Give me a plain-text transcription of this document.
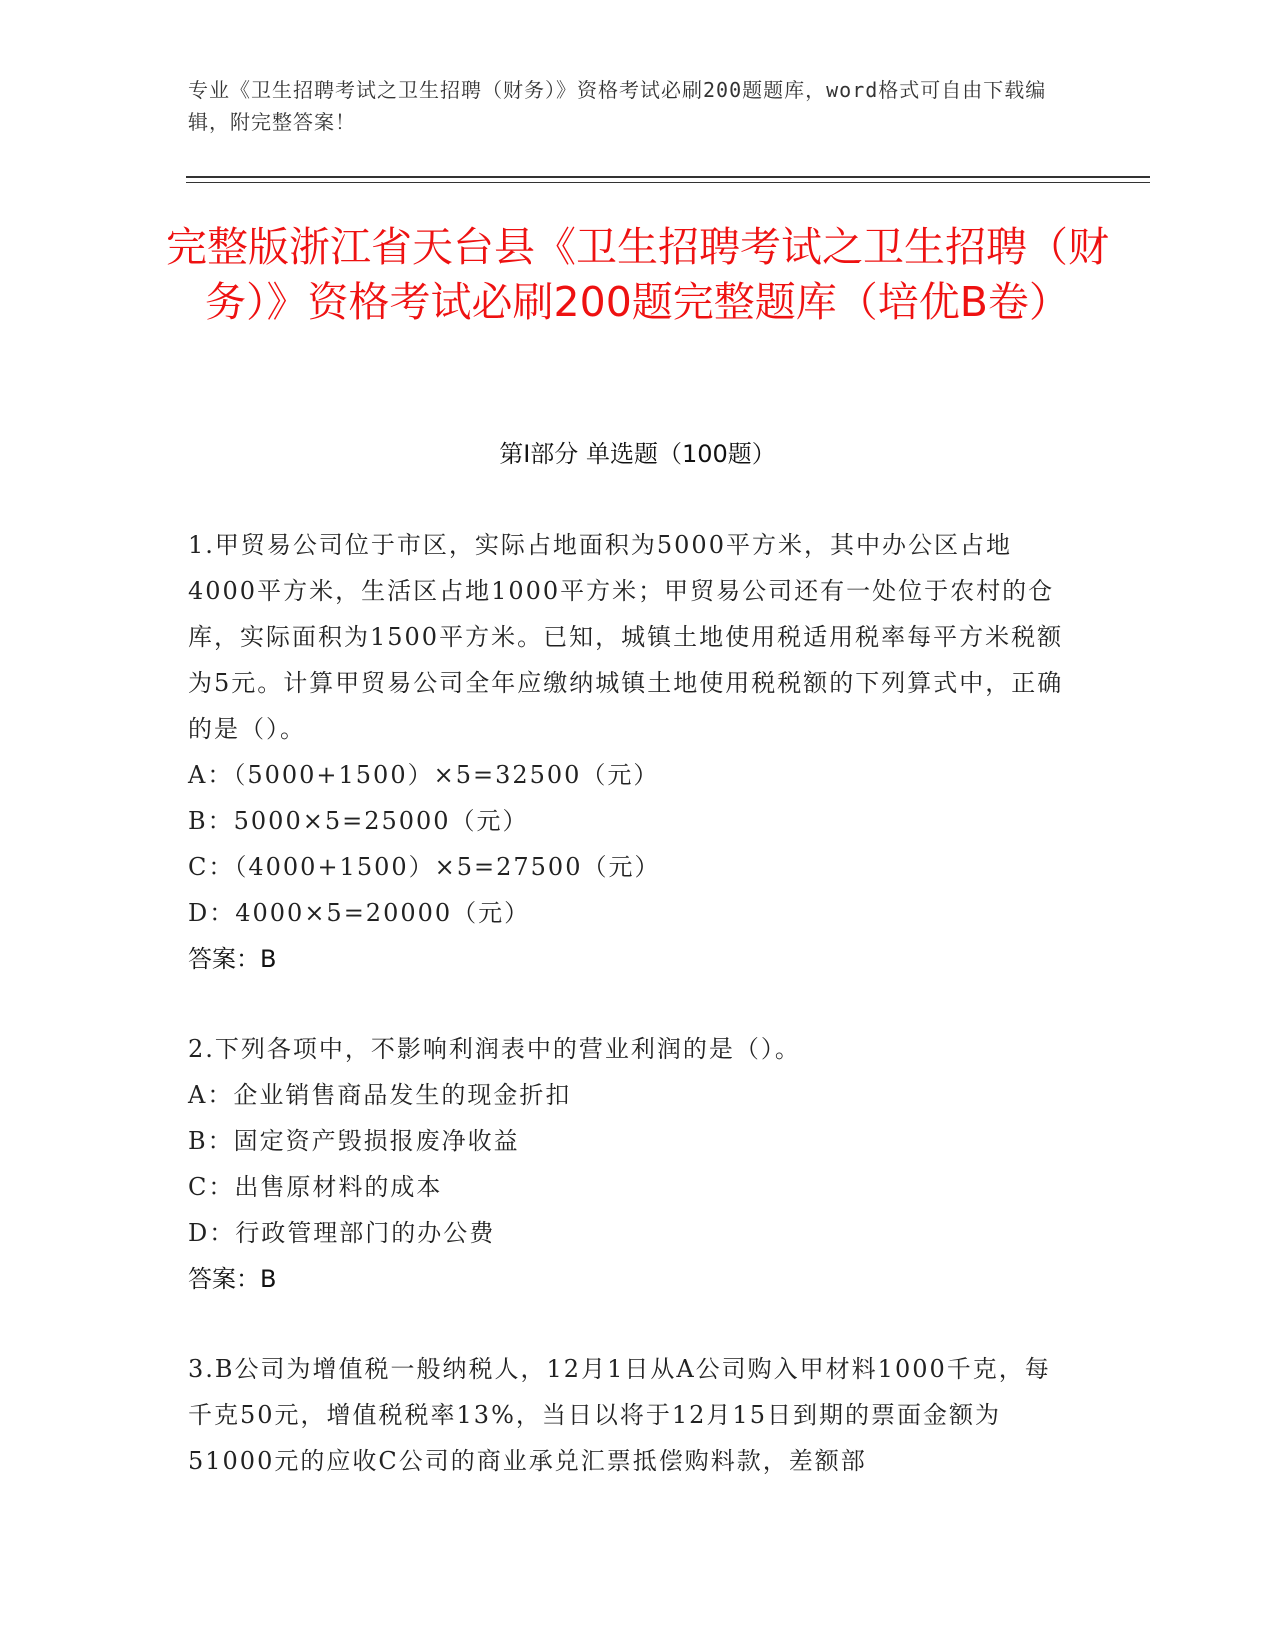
专业《卫生招聘考试之卫生招聘（财务）》资格考试必刷200题题库，word格式可自由下载编辑，附完整答案！
完整版浙江省天台县《卫生招聘考试之卫生招聘（财务）》资格考试必刷200题完整题库（培优B卷）
第I部分 单选题（100题）
1.甲贸易公司位于市区，实际占地面积为5000平方米，其中办公区占地4000平方米，生活区占地1000平方米；甲贸易公司还有一处位于农村的仓库，实际面积为1500平方米。已知，城镇土地使用税适用税率每平方米税额为5元。计算甲贸易公司全年应缴纳城镇土地使用税税额的下列算式中，正确的是（）。
A：（5000+1500）×5=32500（元）
B：5000×5=25000（元）
C：（4000+1500）×5=27500（元）
D：4000×5=20000（元）
答案：B
2.下列各项中，不影响利润表中的营业利润的是（）。
A：企业销售商品发生的现金折扣
B：固定资产毁损报废净收益
C：出售原材料的成本
D：行政管理部门的办公费
答案：B
3.B公司为增值税一般纳税人，12月1日从A公司购入甲材料1000千克，每千克50元，增值税税率13%，当日以将于12月15日到期的票面金额为51000元的应收C公司的商业承兑汇票抵偿购料款，差额部
